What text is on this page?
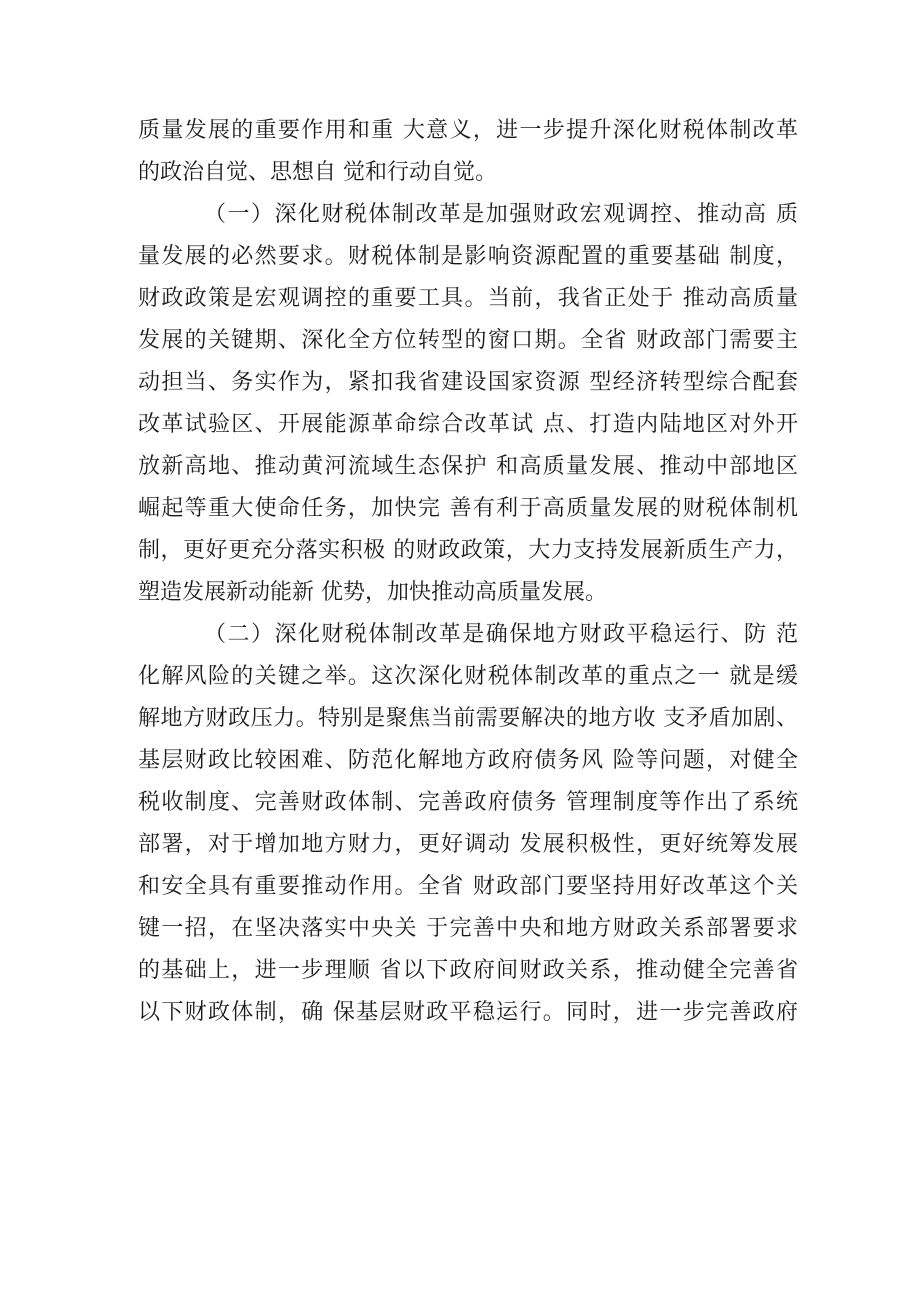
质量发展的重要作用和重 大意义，进一步提升深化财税体制改革
的政治自觉、思想自 觉和行动自觉。
（一）深化财税体制改革是加强财政宏观调控、推动高 质
量发展的必然要求。财税体制是影响资源配置的重要基础 制度，
财政政策是宏观调控的重要工具。当前，我省正处于 推动高质量
发展的关键期、深化全方位转型的窗口期。全省 财政部门需要主
动担当、务实作为，紧扣我省建设国家资源 型经济转型综合配套
改革试验区、开展能源革命综合改革试 点、打造内陆地区对外开
放新高地、推动黄河流域生态保护 和高质量发展、推动中部地区
崛起等重大使命任务，加快完 善有利于高质量发展的财税体制机
制，更好更充分落实积极 的财政政策，大力支持发展新质生产力，
塑造发展新动能新 优势，加快推动高质量发展。
（二）深化财税体制改革是确保地方财政平稳运行、防 范
化解风险的关键之举。这次深化财税体制改革的重点之一 就是缓
解地方财政压力。特别是聚焦当前需要解决的地方收 支矛盾加剧、
基层财政比较困难、防范化解地方政府债务风 险等问题，对健全
税收制度、完善财政体制、完善政府债务 管理制度等作出了系统
部署，对于增加地方财力，更好调动 发展积极性，更好统筹发展
和安全具有重要推动作用。全省 财政部门要坚持用好改革这个关
键一招，在坚决落实中央关 于完善中央和地方财政关系部署要求
的基础上，进一步理顺 省以下政府间财政关系，推动健全完善省
以下财政体制，确 保基层财政平稳运行。同时，进一步完善政府
